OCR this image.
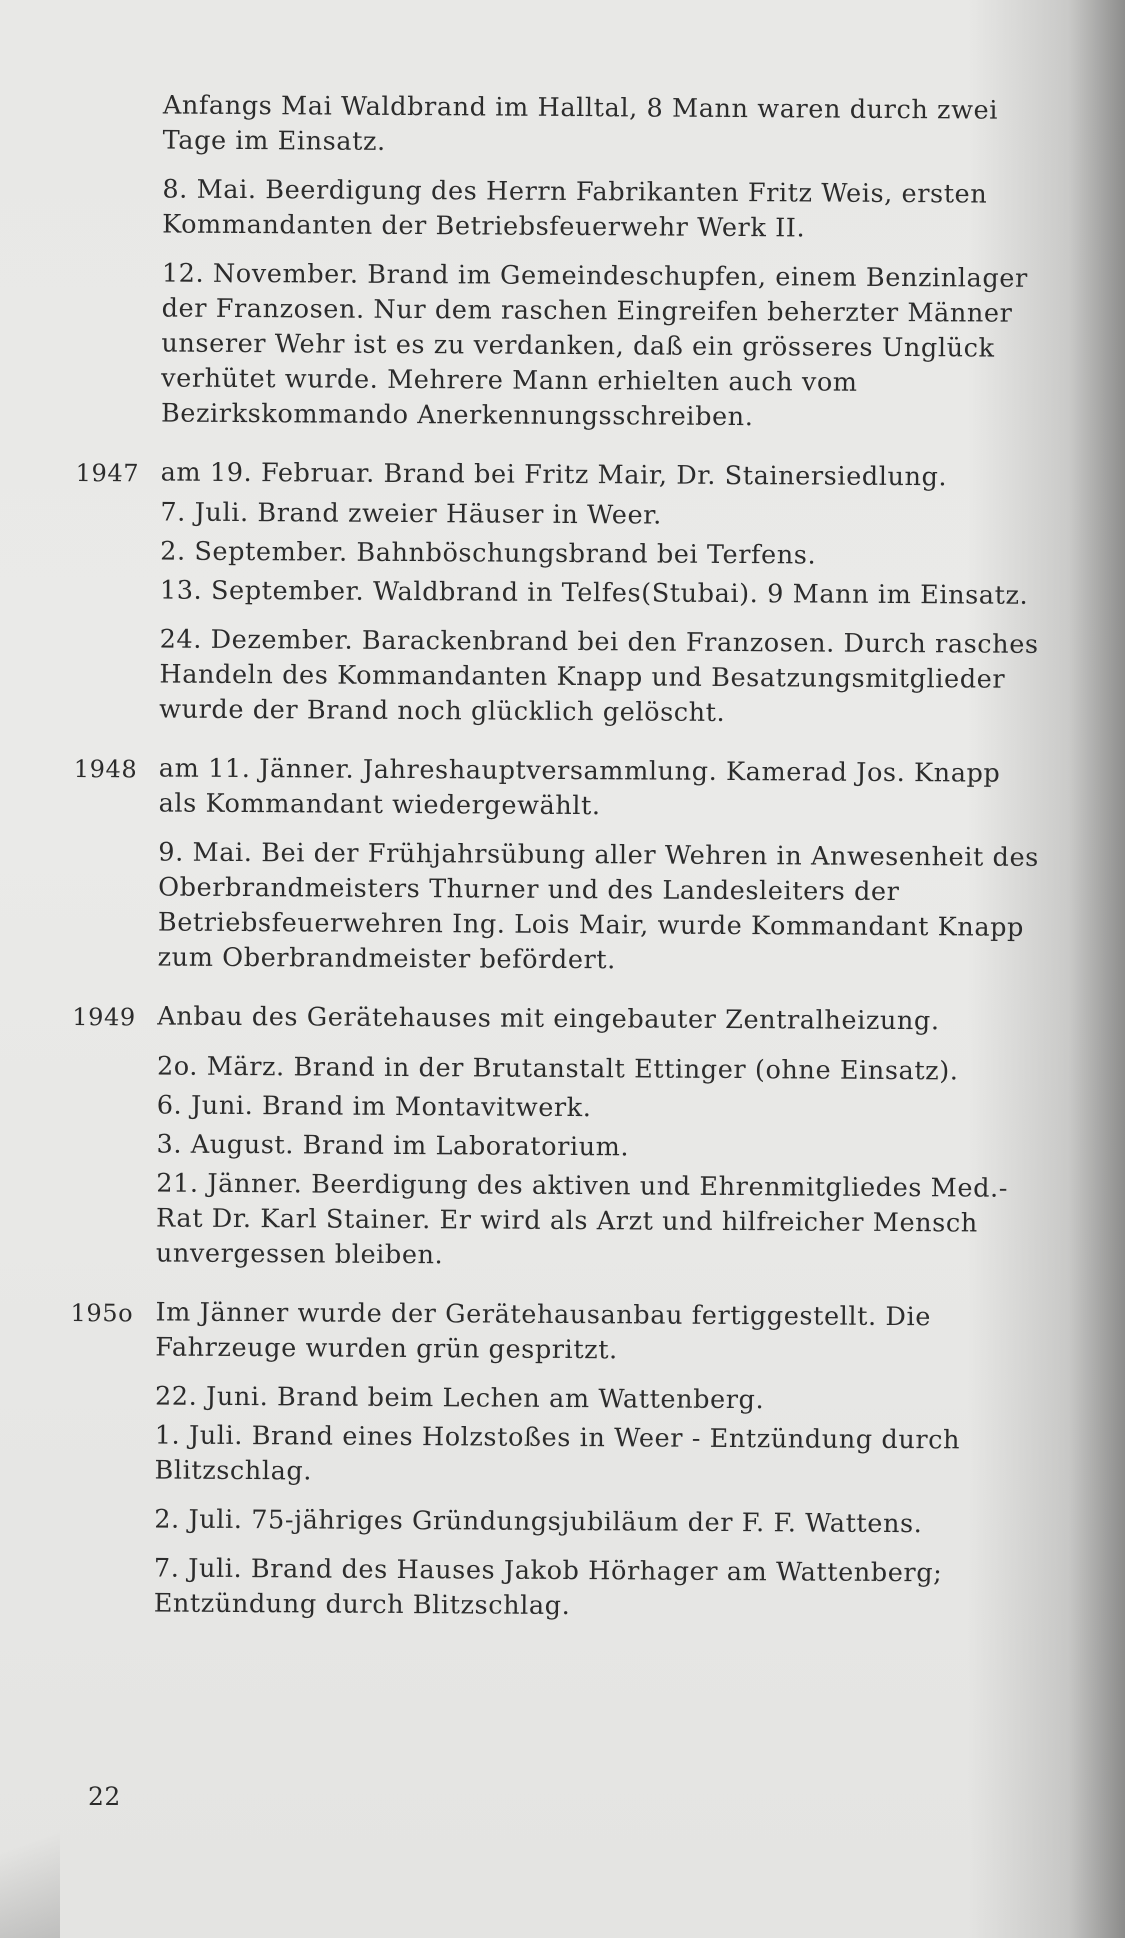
Anfangs Mai Waldbrand im Halltal, 8 Mann waren durch zwei Tage im Einsatz.
8. Mai. Beerdigung des Herrn Fabrikanten Fritz Weis, ersten Kommandanten der Betriebsfeuerwehr Werk II.
12. November. Brand im Gemeindeschupfen, einem Benzinlager der Franzosen. Nur dem raschen Eingreifen beherzter Männer unserer Wehr ist es zu verdanken, daß ein grösseres Unglück verhütet wurde. Mehrere Mann erhielten auch vom Bezirkskommando Anerkennungsschreiben.
1947 am 19. Februar. Brand bei Fritz Mair, Dr. Stainersiedlung.
7. Juli. Brand zweier Häuser in Weer.
2. September. Bahnböschungsbrand bei Terfens.
13. September. Waldbrand in Telfes(Stubai). 9 Mann im Einsatz.
24. Dezember. Barackenbrand bei den Franzosen. Durch rasches Handeln des Kommandanten Knapp und Besatzungsmitglieder wurde der Brand noch glücklich gelöscht.
1948 am 11. Jänner. Jahreshauptversammlung. Kamerad Jos. Knapp als Kommandant wiedergewählt.
9. Mai. Bei der Frühjahrsübung aller Wehren in Anwesenheit des Oberbrandmeisters Thurner und des Landesleiters der Betriebsfeuerwehren Ing. Lois Mair, wurde Kommandant Knapp zum Oberbrandmeister befördert.
1949 Anbau des Gerätehauses mit eingebauter Zentralheizung.
2o. März. Brand in der Brutanstalt Ettinger (ohne Einsatz).
6. Juni. Brand im Montavitwerk.
3. August. Brand im Laboratorium.
21. Jänner. Beerdigung des aktiven und Ehrenmitgliedes Med.-Rat Dr. Karl Stainer. Er wird als Arzt und hilfreicher Mensch unvergessen bleiben.
195o Im Jänner wurde der Gerätehausanbau fertiggestellt. Die Fahrzeuge wurden grün gespritzt.
22. Juni. Brand beim Lechen am Wattenberg.
1. Juli. Brand eines Holzstoßes in Weer - Entzündung durch Blitzschlag.
2. Juli. 75-jähriges Gründungsjubiläum der F. F. Wattens.
7. Juli. Brand des Hauses Jakob Hörhager am Wattenberg; Entzündung durch Blitzschlag.
22
